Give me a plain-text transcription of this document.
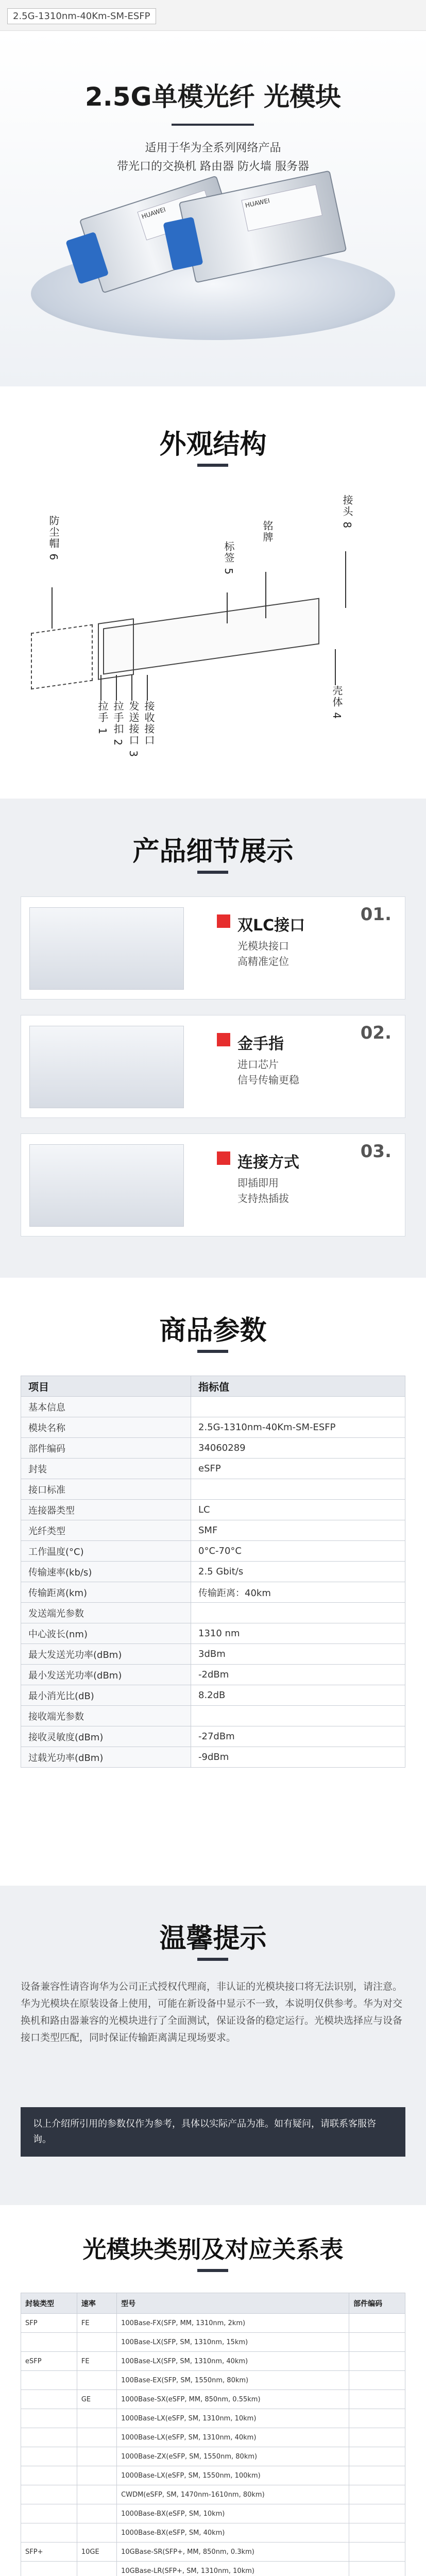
2.5G-1310nm-40Km-SM-ESFP
2.5G单模光纤 光模块
适用于华为全系列网络产品
带光口的交换机 路由器 防火墙 服务器
HUAWEI
HUAWEI
外观结构
防尘帽 6
拉手 1 拉手扣 2 发送接口 3 接收接口
标签 5
铭牌
接头 8
壳体 4
产品细节展示
双LC接口
光模块接口
高精准定位
01.
金手指
进口芯片
信号传输更稳
02.
连接方式
即插即用
支持热插拔
03.
商品参数
项目	指标值
基本信息	
模块名称	2.5G-1310nm-40Km-SM-ESFP
部件编码	34060289
封装	eSFP
接口标准	
连接器类型	LC
光纤类型	SMF
工作温度(°C)	0°C-70°C
传输速率(kb/s)	2.5 Gbit/s
传输距离(km)	传输距离：40km
发送端光参数	
中心波长(nm)	1310 nm
最大发送光功率(dBm)	3dBm
最小发送光功率(dBm)	-2dBm
最小消光比(dB)	8.2dB
接收端光参数	
接收灵敏度(dBm)	-27dBm
过载光功率(dBm)	-9dBm
温馨提示
设备兼容性请咨询华为公司正式授权代理商，非认证的光模块接口将无法识别，请注意。华为光模块在原装设备上使用，可能在新设备中显示不一致，本说明仅供参考。华为对交换机和路由器兼容的光模块进行了全面测试，保证设备的稳定运行。光模块选择应与设备接口类型匹配，同时保证传输距离满足现场要求。
以上介绍所引用的参数仅作为参考，具体以实际产品为准。如有疑问，请联系客服咨询。
光模块类别及对应关系表
封装类型	速率	型号	部件编码
SFP	FE	100Base-FX(SFP, MM, 1310nm, 2km)	
		100Base-LX(SFP, SM, 1310nm, 15km)	
eSFP	FE	100Base-LX(SFP, SM, 1310nm, 40km)	
		100Base-EX(SFP, SM, 1550nm, 80km)	
	GE	1000Base-SX(eSFP, MM, 850nm, 0.55km)	
		1000Base-LX(eSFP, SM, 1310nm, 10km)	
		1000Base-LX(eSFP, SM, 1310nm, 40km)	
		1000Base-ZX(eSFP, SM, 1550nm, 80km)	
		1000Base-LX(eSFP, SM, 1550nm, 100km)	
		CWDM(eSFP, SM, 1470nm-1610nm, 80km)	
		1000Base-BX(eSFP, SM, 10km)	
		1000Base-BX(eSFP, SM, 40km)	
SFP+	10GE	10GBase-SR(SFP+, MM, 850nm, 0.3km)	
		10GBase-LR(SFP+, SM, 1310nm, 10km)	
